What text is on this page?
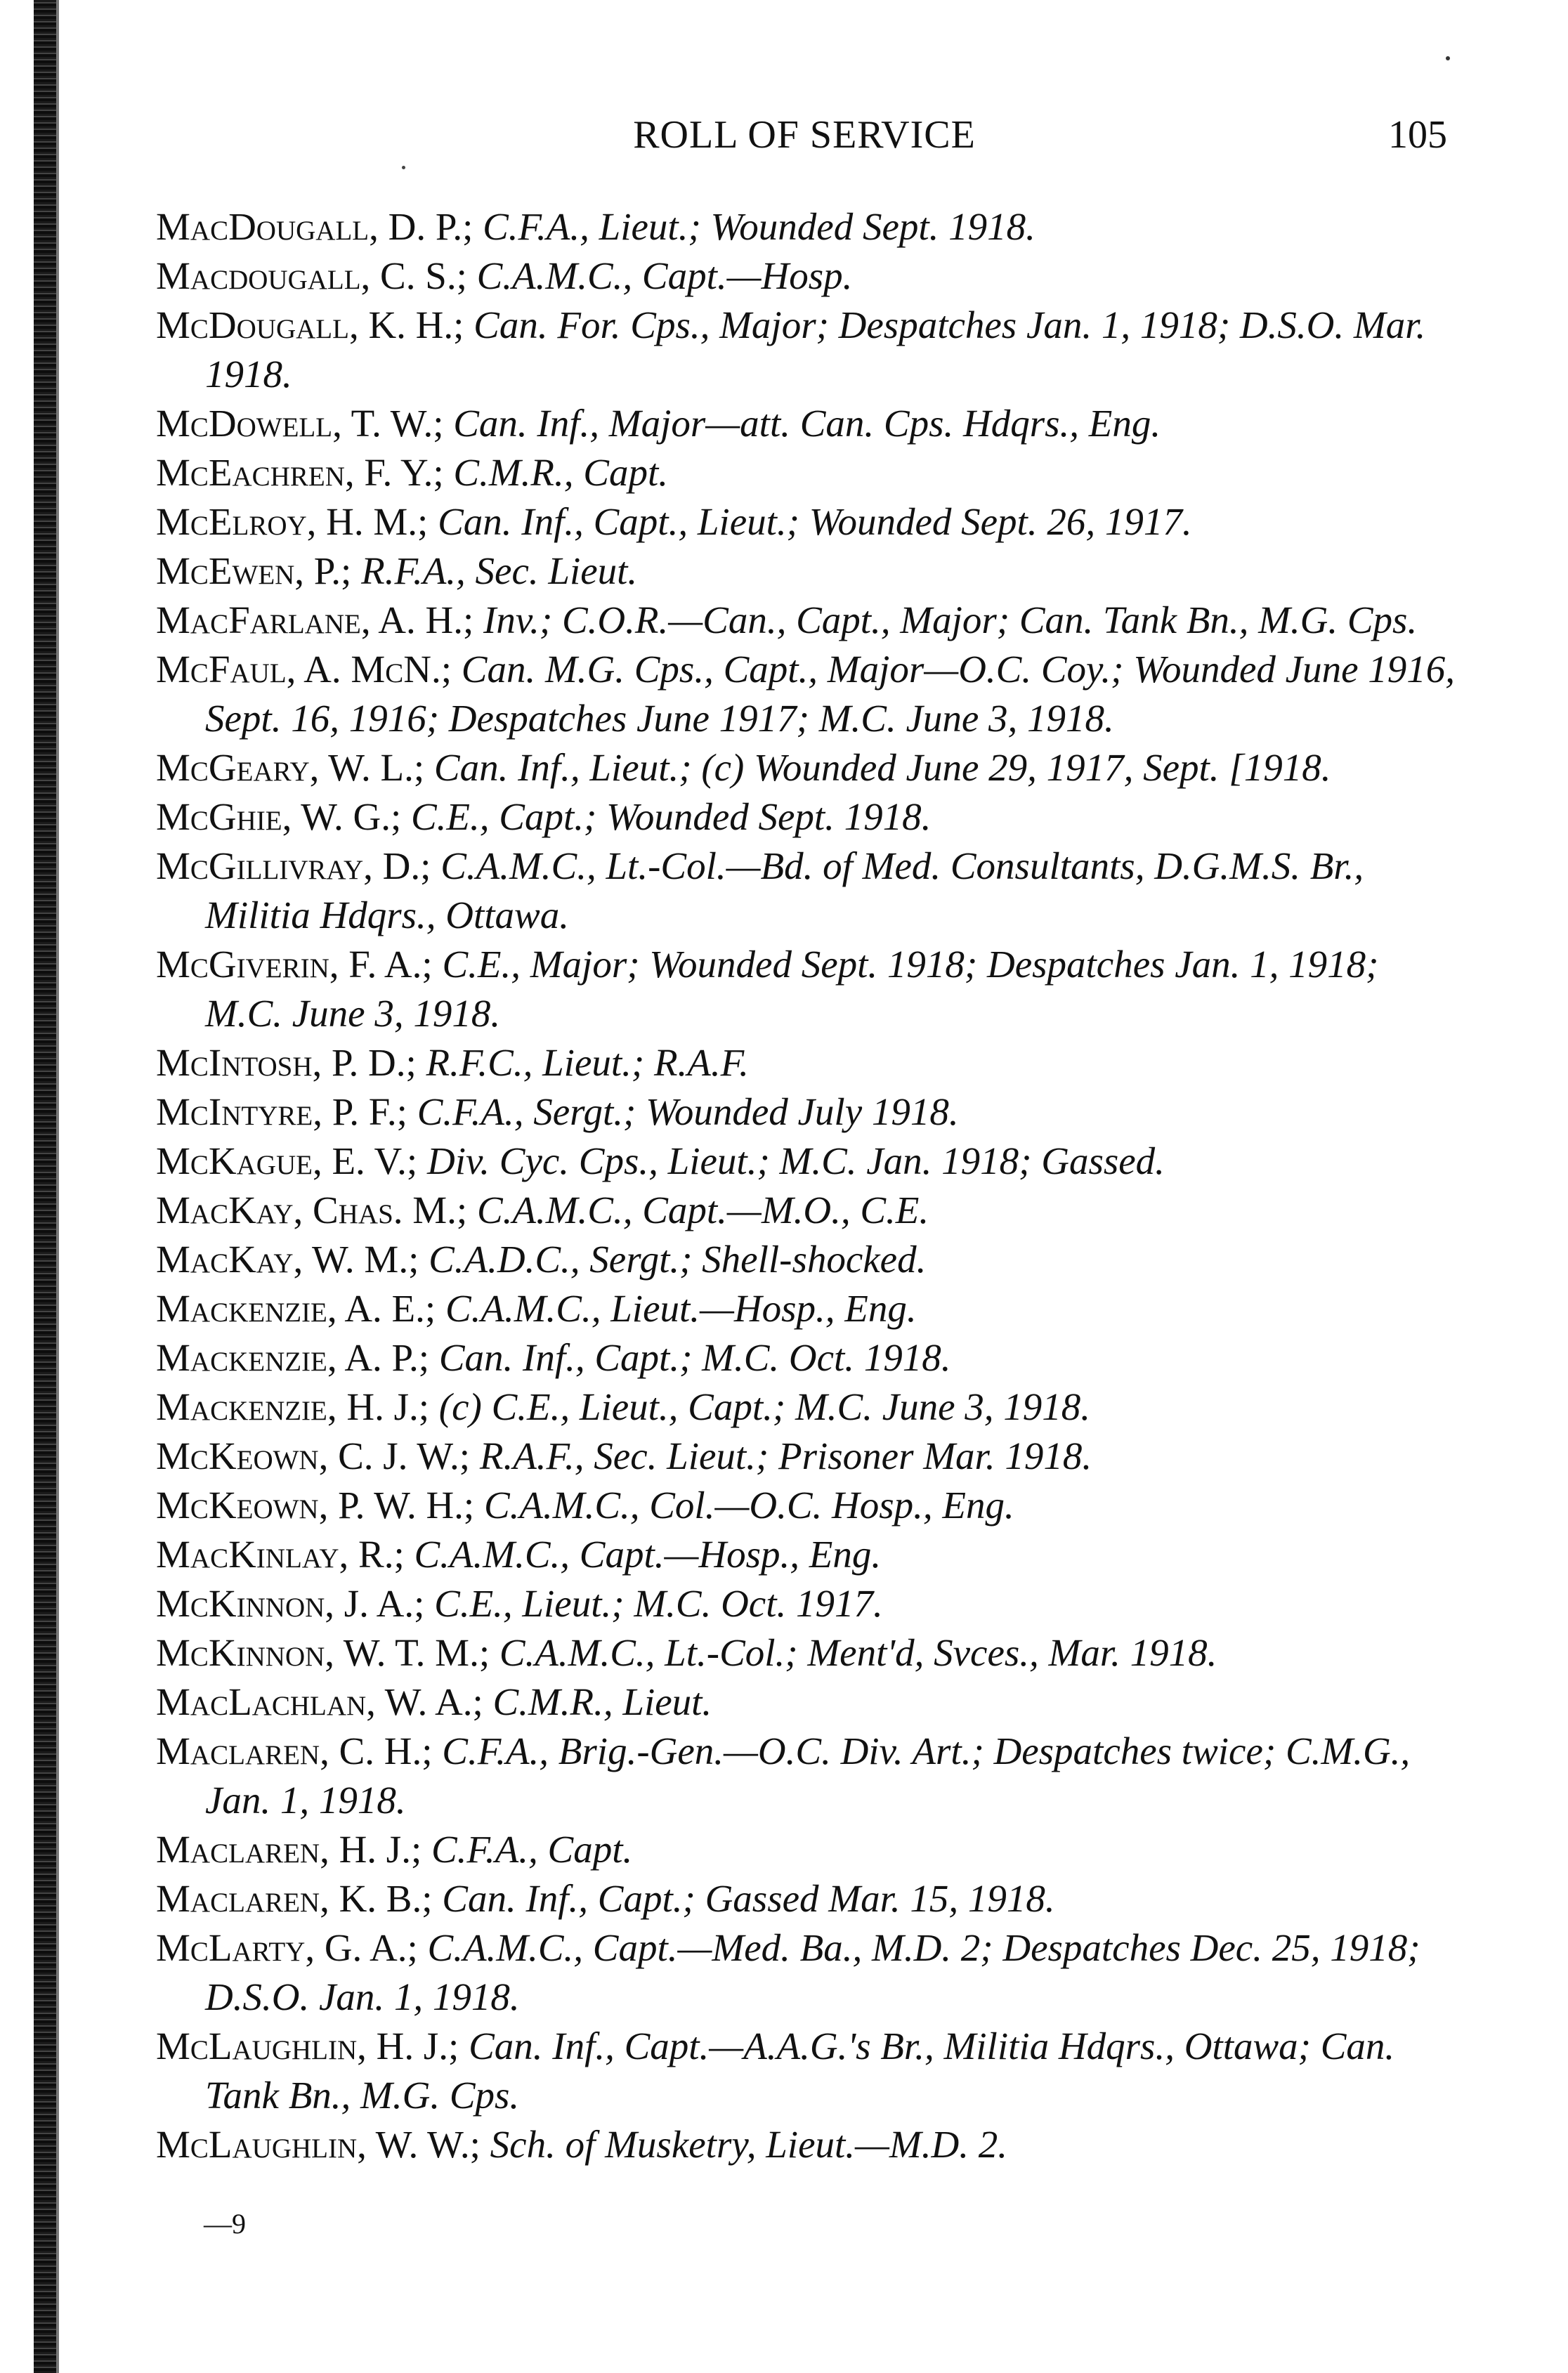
ROLL OF SERVICE	105
MacDougall, D. P.; C.F.A., Lieut.; Wounded Sept. 1918.
Macdougall, C. S.; C.A.M.C., Capt.—Hosp.
McDougall, K. H.; Can. For. Cps., Major; Despatches Jan. 1, 1918; D.S.O. Mar. 1918.
McDowell, T. W.; Can. Inf., Major—att. Can. Cps. Hdqrs., Eng.
McEachren, F. Y.; C.M.R., Capt.
McElroy, H. M.; Can. Inf., Capt., Lieut.; Wounded Sept. 26, 1917.
McEwen, P.; R.F.A., Sec. Lieut.
MacFarlane, A. H.; Inv.; C.O.R.—Can., Capt., Major; Can. Tank Bn., M.G. Cps.
McFaul, A. McN.; Can. M.G. Cps., Capt., Major—O.C. Coy.; Wounded June 1916, Sept. 16, 1916; Despatches June 1917; M.C. June 3, 1918.
McGeary, W. L.; Can. Inf., Lieut.; (c) Wounded June 29, 1917, Sept. [1918.
McGhie, W. G.; C.E., Capt.; Wounded Sept. 1918.
McGillivray, D.; C.A.M.C., Lt.-Col.—Bd. of Med. Consultants, D.G.M.S. Br., Militia Hdqrs., Ottawa.
McGiverin, F. A.; C.E., Major; Wounded Sept. 1918; Despatches Jan. 1, 1918; M.C. June 3, 1918.
McIntosh, P. D.; R.F.C., Lieut.; R.A.F.
McIntyre, P. F.; C.F.A., Sergt.; Wounded July 1918.
McKague, E. V.; Div. Cyc. Cps., Lieut.; M.C. Jan. 1918; Gassed.
MacKay, Chas. M.; C.A.M.C., Capt.—M.O., C.E.
MacKay, W. M.; C.A.D.C., Sergt.; Shell-shocked.
Mackenzie, A. E.; C.A.M.C., Lieut.—Hosp., Eng.
Mackenzie, A. P.; Can. Inf., Capt.; M.C. Oct. 1918.
Mackenzie, H. J.; (c) C.E., Lieut., Capt.; M.C. June 3, 1918.
McKeown, C. J. W.; R.A.F., Sec. Lieut.; Prisoner Mar. 1918.
McKeown, P. W. H.; C.A.M.C., Col.—O.C. Hosp., Eng.
MacKinlay, R.; C.A.M.C., Capt.—Hosp., Eng.
McKinnon, J. A.; C.E., Lieut.; M.C. Oct. 1917.
McKinnon, W. T. M.; C.A.M.C., Lt.-Col.; Ment'd, Svces., Mar. 1918.
MacLachlan, W. A.; C.M.R., Lieut.
Maclaren, C. H.; C.F.A., Brig.-Gen.—O.C. Div. Art.; Despatches twice; C.M.G., Jan. 1, 1918.
Maclaren, H. J.; C.F.A., Capt.
Maclaren, K. B.; Can. Inf., Capt.; Gassed Mar. 15, 1918.
McLarty, G. A.; C.A.M.C., Capt.—Med. Ba., M.D. 2; Despatches Dec. 25, 1918; D.S.O. Jan. 1, 1918.
McLaughlin, H. J.; Can. Inf., Capt.—A.A.G.'s Br., Militia Hdqrs., Ottawa; Can. Tank Bn., M.G. Cps.
McLaughlin, W. W.; Sch. of Musketry, Lieut.—M.D. 2.
—9
